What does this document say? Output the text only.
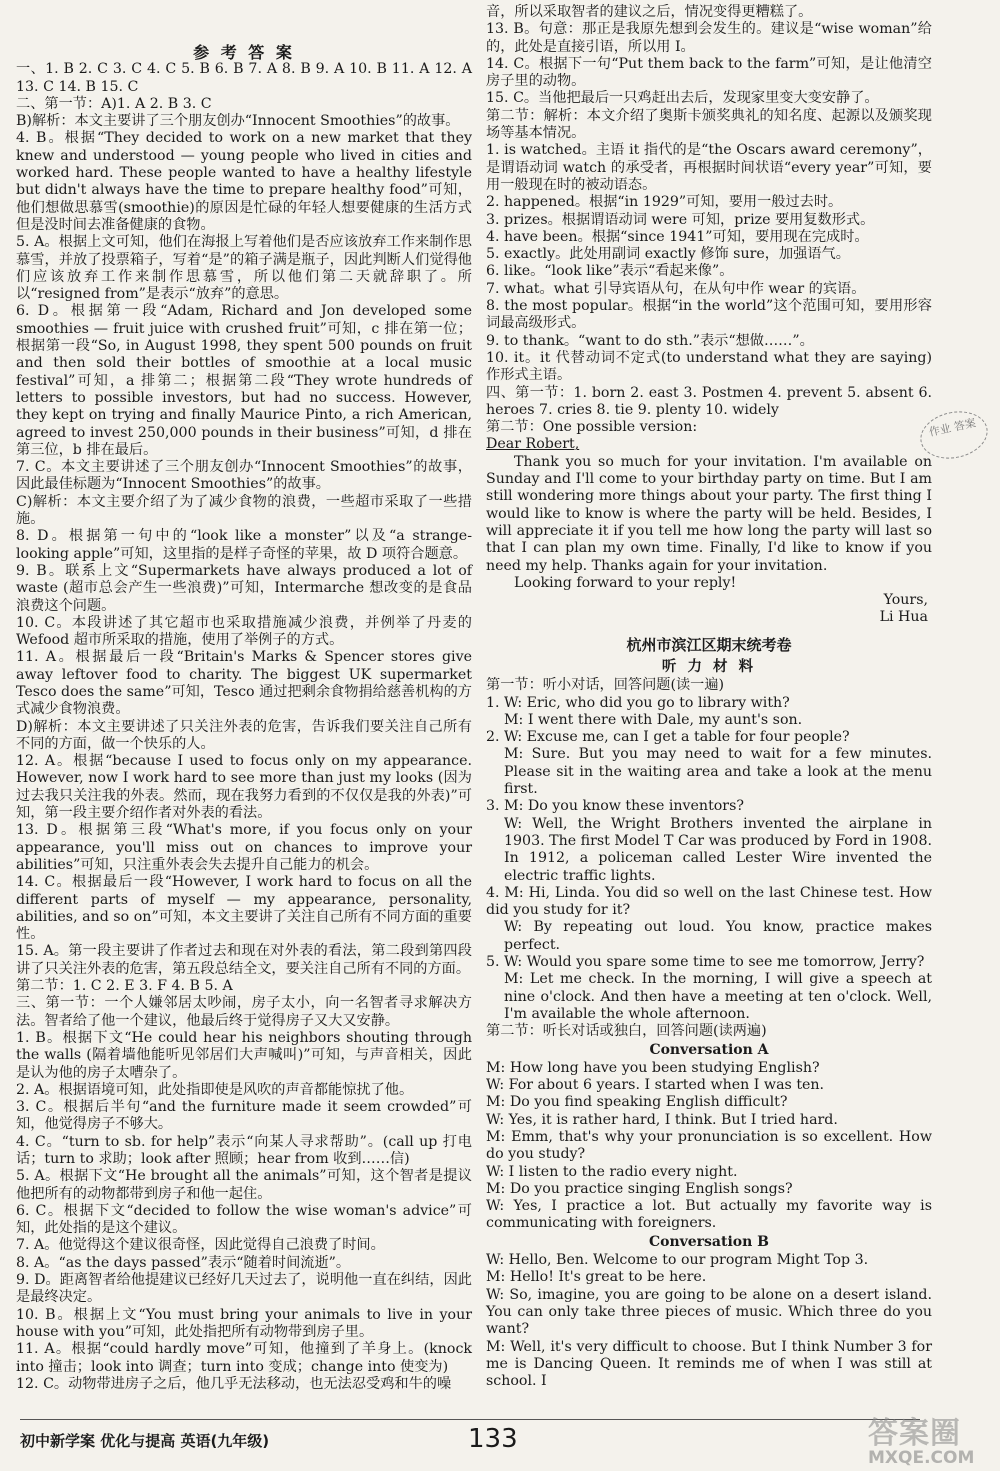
参 考 答 案

一、1. B 2. C 3. C 4. C 5. B 6. B 7. A 8. B 9. A 10. B 11. A 12. A 13. C 14. B 15. C

二、第一节：A)1. A 2. B 3. C

B)解析：本文主要讲了三个朋友创办“Innocent Smoothies”的故事。

4. B。根据“They decided to work on a new market that they knew and understood — young people who lived in cities and worked hard. These people wanted to have a healthy lifestyle but didn't always have the time to prepare healthy food”可知，他们想做思慕雪(smoothie)的原因是忙碌的年轻人想要健康的生活方式但是没时间去准备健康的食物。

5. A。根据上文可知，他们在海报上写着他们是否应该放弃工作来制作思慕雪，并放了投票箱子，写着“是”的箱子满是瓶子，因此判断人们觉得他们应该放弃工作来制作思慕雪，所以他们第二天就辞职了。所以“resigned from”是表示“放弃”的意思。

6. D。根据第一段“Adam, Richard and Jon developed some smoothies — fruit juice with crushed fruit”可知，c 排在第一位；根据第一段“So, in August 1998, they spent 500 pounds on fruit and then sold their bottles of smoothie at a local music festival”可知，a 排第二；根据第二段“They wrote hundreds of letters to possible investors, but had no success. However, they kept on trying and finally Maurice Pinto, a rich American, agreed to invest 250,000 pounds in their business”可知，d 排在第三位，b 排在最后。

7. C。本文主要讲述了三个朋友创办“Innocent Smoothies”的故事，因此最佳标题为“Innocent Smoothies”的故事。

C)解析：本文主要介绍了为了减少食物的浪费，一些超市采取了一些措施。

8. D。根据第一句中的“look like a monster”以及“a strange-looking apple”可知，这里指的是样子奇怪的苹果，故 D 项符合题意。

9. B。联系上文“Supermarkets have always produced a lot of waste (超市总会产生一些浪费)”可知，Intermarche 想改变的是食品浪费这个问题。

10. C。本段讲述了其它超市也采取措施减少浪费，并例举了丹麦的 Wefood 超市所采取的措施，使用了举例子的方式。

11. A。根据最后一段“Britain's Marks & Spencer stores give away leftover food to charity. The biggest UK supermarket Tesco does the same”可知，Tesco 通过把剩余食物捐给慈善机构的方式减少食物浪费。

D)解析：本文主要讲述了只关注外表的危害，告诉我们要关注自己所有不同的方面，做一个快乐的人。

12. A。根据“because I used to focus only on my appearance. However, now I work hard to see more than just my looks (因为过去我只关注我的外表。然而，现在我努力看到的不仅仅是我的外表)”可知，第一段主要介绍作者对外表的看法。

13. D。根据第三段“What's more, if you focus only on your appearance, you'll miss out on chances to improve your abilities”可知，只注重外表会失去提升自己能力的机会。

14. C。根据最后一段“However, I work hard to focus on all the different parts of myself — my appearance, personality, abilities, and so on”可知，本文主要讲了关注自己所有不同方面的重要性。

15. A。第一段主要讲了作者过去和现在对外表的看法，第二段到第四段讲了只关注外表的危害，第五段总结全文，要关注自己所有不同的方面。

第二节：1. C 2. E 3. F 4. B 5. A

三、第一节：一个人嫌邻居太吵闹，房子太小，向一名智者寻求解决方法。智者给了他一个建议，他最后终于觉得房子又大又安静。

1. B。根据下文“He could hear his neighbors shouting through the walls (隔着墙他能听见邻居们大声喊叫)”可知，与声音相关，因此是认为他的房子太嘈杂了。

2. A。根据语境可知，此处指即使是风吹的声音都能惊扰了他。

3. C。根据后半句“and the furniture made it seem crowded”可知，他觉得房子不够大。

4. C。“turn to sb. for help”表示“向某人寻求帮助”。(call up 打电话；turn to 求助；look after 照顾；hear from 收到……信)

5. A。根据下文“He brought all the animals”可知，这个智者是提议他把所有的动物都带到房子和他一起住。

6. C。根据下文“decided to follow the wise woman's advice”可知，此处指的是这个建议。

7. A。他觉得这个建议很奇怪，因此觉得自己浪费了时间。

8. A。“as the days passed”表示“随着时间流逝”。

9. D。距离智者给他提建议已经好几天过去了，说明他一直在纠结，因此是最终决定。

10. B。根据上文“You must bring your animals to live in your house with you”可知，此处指把所有动物带到房子里。

11. A。根据“could hardly move”可知，他撞到了羊身上。(knock into 撞击；look into 调查；turn into 变成；change into 使变为)

12. C。动物带进房子之后，他几乎无法移动，也无法忍受鸡和牛的噪

音，所以采取智者的建议之后，情况变得更糟糕了。

13. B。句意：那正是我原先想到会发生的。建议是“wise woman”给的，此处是直接引语，所以用 I。

14. C。根据下一句“Put them back to the farm”可知，是让他清空房子里的动物。

15. C。当他把最后一只鸡赶出去后，发现家里变大变安静了。

第二节：解析：本文介绍了奥斯卡颁奖典礼的知名度、起源以及颁奖现场等基本情况。

1. is watched。主语 it 指代的是“the Oscars award ceremony”，是谓语动词 watch 的承受者，再根据时间状语“every year”可知，要用一般现在时的被动语态。

2. happened。根据“in 1929”可知，要用一般过去时。

3. prizes。根据谓语动词 were 可知，prize 要用复数形式。

4. have been。根据“since 1941”可知，要用现在完成时。

5. exactly。此处用副词 exactly 修饰 sure，加强语气。

6. like。“look like”表示“看起来像”。

7. what。what 引导宾语从句，在从句中作 wear 的宾语。

8. the most popular。根据“in the world”这个范围可知，要用形容词最高级形式。

9. to thank。“want to do sth.”表示“想做……”。

10. it。it 代替动词不定式(to understand what they are saying)作形式主语。

四、第一节：1. born 2. east 3. Postmen 4. prevent 5. absent 6. heroes 7. cries 8. tie 9. plenty 10. widely

第二节：One possible version:

Dear Robert,

Thank you so much for your invitation. I'm available on Sunday and I'll come to your birthday party on time. But I am still wondering more things about your party. The first thing I would like to know is where the party will be held. Besides, I will appreciate it if you tell me how long the party will last so that I can plan my own time. Finally, I'd like to know if you need my help. Thanks again for your invitation.

Looking forward to your reply!

Yours,

Li Hua

杭州市滨江区期末统考卷

听 力 材 料

第一节：听小对话，回答问题(读一遍)

1. W: Eric, who did you go to library with?

M: I went there with Dale, my aunt's son.

2. W: Excuse me, can I get a table for four people?

M: Sure. But you may need to wait for a few minutes. Please sit in the waiting area and take a look at the menu first.

3. M: Do you know these inventors?

W: Well, the Wright Brothers invented the airplane in 1903. The first Model T Car was produced by Ford in 1908. In 1912, a policeman called Lester Wire invented the electric traffic lights.

4. M: Hi, Linda. You did so well on the last Chinese test. How did you study for it?

W: By repeating out loud. You know, practice makes perfect.

5. W: Would you spare some time to see me tomorrow, Jerry?

M: Let me check. In the morning, I will give a speech at nine o'clock. And then have a meeting at ten o'clock. Well, I'm available the whole afternoon.

第二节：听长对话或独白，回答问题(读两遍)

Conversation A

M: How long have you been studying English?

W: For about 6 years. I started when I was ten.

M: Do you find speaking English difficult?

W: Yes, it is rather hard, I think. But I tried hard.

M: Emm, that's why your pronunciation is so excellent. How do you study?

W: I listen to the radio every night.

M: Do you practice singing English songs?

W: Yes, I practice a lot. But actually my favorite way is communicating with foreigners.

Conversation B

W: Hello, Ben. Welcome to our program Might Top 3.

M: Hello! It's great to be here.

W: So, imagine, you are going to be alone on a desert island. You can only take three pieces of music. Which three do you want?

M: Well, it's very difficult to choose. But I think Number 3 for me is Dancing Queen. It reminds me of when I was still at school. I

作业 答案
初中新学案 优化与提高 英语(九年级)	133	答案圈
MXQE.COM
